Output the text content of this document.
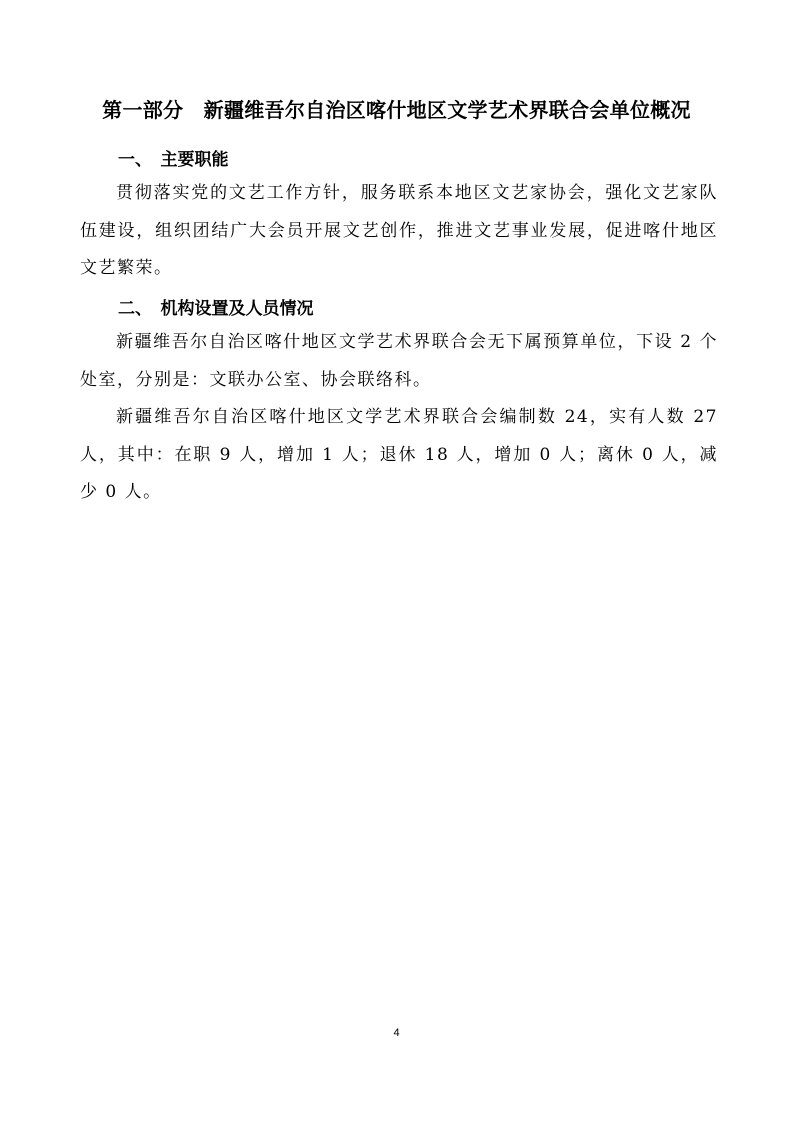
第一部分　新疆维吾尔自治区喀什地区文学艺术界联合会单位概况
一、　主要职能

贯彻落实党的文艺工作方针，服务联系本地区文艺家协会，强化文艺家队伍建设，组织团结广大会员开展文艺创作，推进文艺事业发展，促进喀什地区文艺繁荣。

二、　机构设置及人员情况

新疆维吾尔自治区喀什地区文学艺术界联合会无下属预算单位，下设 2 个处室，分别是：文联办公室、协会联络科。

新疆维吾尔自治区喀什地区文学艺术界联合会编制数 24，实有人数 27 人，其中：在职 9 人，增加 1 人；退休 18 人，增加 0 人；离休 0 人，减少 0 人。

4
